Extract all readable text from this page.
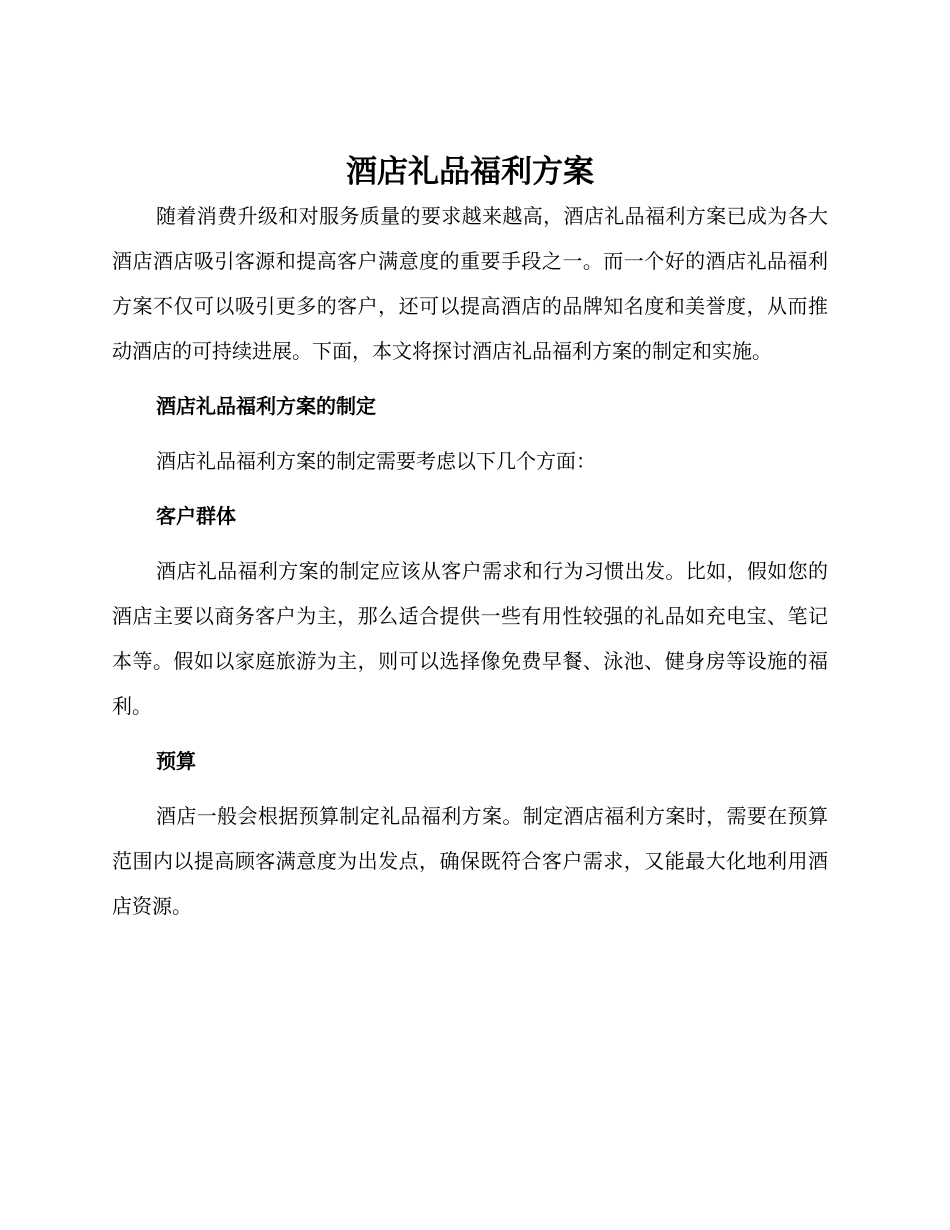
酒店礼品福利方案

随着消费升级和对服务质量的要求越来越高，酒店礼品福利方案已成为各大酒店酒店吸引客源和提高客户满意度的重要手段之一。而一个好的酒店礼品福利方案不仅可以吸引更多的客户，还可以提高酒店的品牌知名度和美誉度，从而推动酒店的可持续进展。下面，本文将探讨酒店礼品福利方案的制定和实施。

酒店礼品福利方案的制定

酒店礼品福利方案的制定需要考虑以下几个方面：

客户群体

酒店礼品福利方案的制定应该从客户需求和行为习惯出发。比如，假如您的酒店主要以商务客户为主，那么适合提供一些有用性较强的礼品如充电宝、笔记本等。假如以家庭旅游为主，则可以选择像免费早餐、泳池、健身房等设施的福利。

预算

酒店一般会根据预算制定礼品福利方案。制定酒店福利方案时，需要在预算范围内以提高顾客满意度为出发点，确保既符合客户需求，又能最大化地利用酒店资源。
